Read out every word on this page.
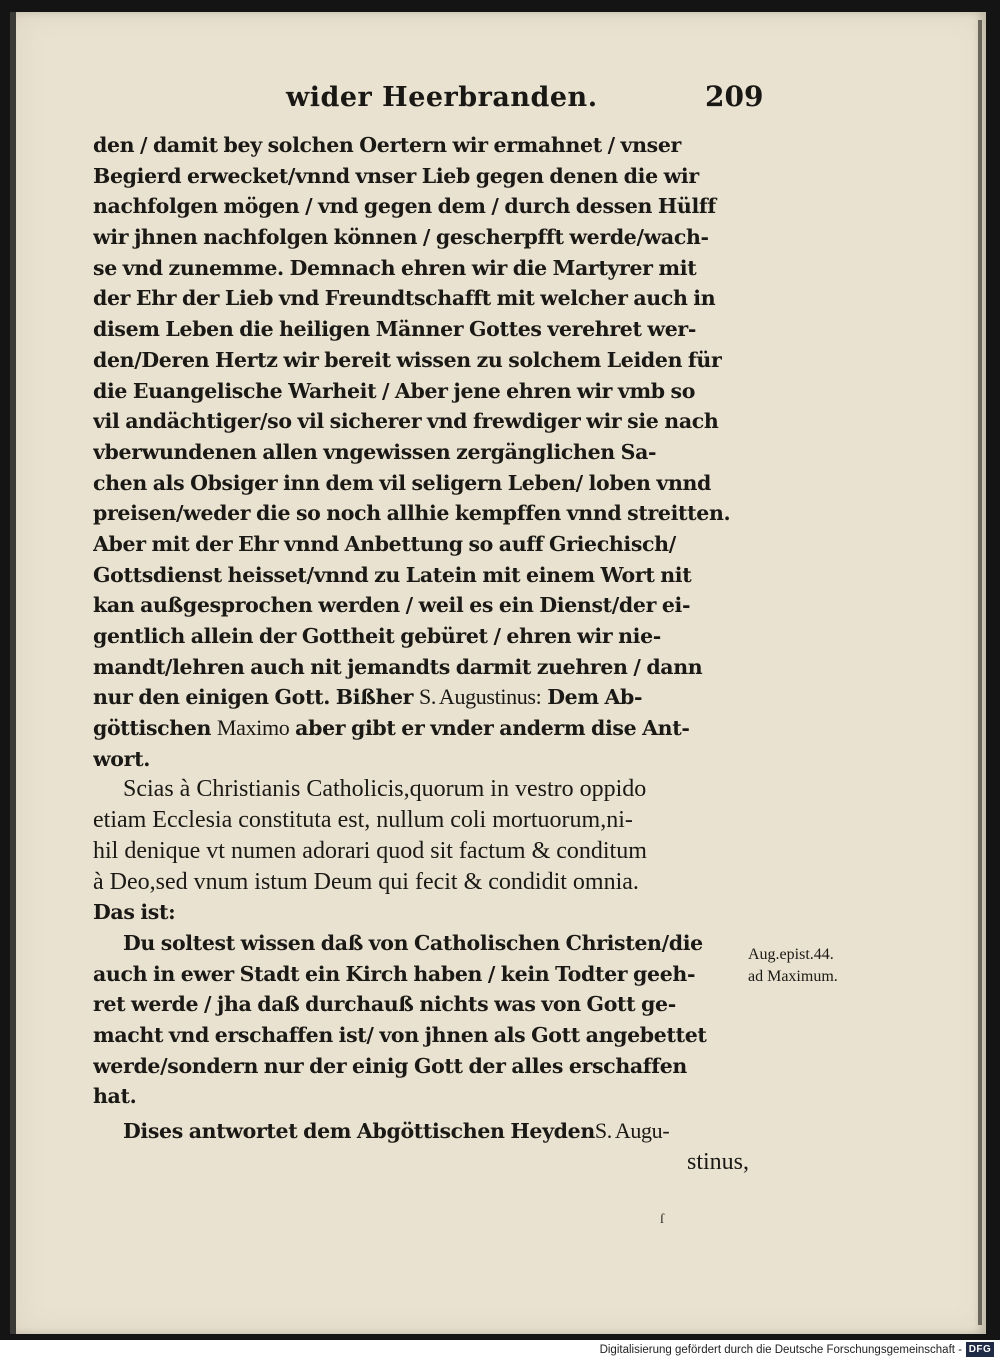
wider Heerbranden.	209
den / damit bey solchen Oertern wir ermahnet / vnser
Begierd erwecket/vnnd vnser Lieb gegen denen die wir
nachfolgen mögen / vnd gegen dem / durch dessen Hülff
wir jhnen nachfolgen können / gescherpfft werde/wach-
se vnd zunemme. Demnach ehren wir die Martyrer mit
der Ehr der Lieb vnd Freundtschafft mit welcher auch in
disem Leben die heiligen Männer Gottes verehret wer-
den/Deren Hertz wir bereit wissen zu solchem Leiden für
die Euangelische Warheit / Aber jene ehren wir vmb so
vil andächtiger/so vil sicherer vnd frewdiger wir sie nach
vberwundenen allen vngewissen zergänglichen Sa-
chen als Obsiger inn dem vil seligern Leben/ loben vnnd
preisen/weder die so noch allhie kempffen vnnd streitten.
Aber mit der Ehr vnnd Anbettung so auff Griechisch/
Gottsdienst heisset/vnnd zu Latein mit einem Wort nit
kan außgesprochen werden / weil es ein Dienst/der ei-
gentlich allein der Gottheit gebüret / ehren wir nie-
mandt/lehren auch nit jemandts darmit zuehren / dann
nur den einigen Gott. Bißher S. Augustinus: Dem Ab-
göttischen Maximo aber gibt er vnder anderm dise Ant-
wort.
Scias à Christianis Catholicis,quorum in vestro oppido
etiam Ecclesia constituta est, nullum coli mortuorum,ni-
hil denique vt numen adorari quod sit factum & conditum
à Deo,sed vnum istum Deum qui fecit & condidit omnia.
Das ist:
Du soltest wissen daß von Catholischen Christen/die
auch in ewer Stadt ein Kirch haben / kein Todter geeh-
ret werde / jha daß durchauß nichts was von Gott ge-
macht vnd erschaffen ist/ von jhnen als Gott angebettet
werde/sondern nur der einig Gott der alles erschaffen
hat.
Dises antwortet dem Abgöttischen HeydenS. Augu-
stinus,
Aug.epist.44.
ad Maximum.
ſ
Digitalisierung gefördert durch die Deutsche Forschungsgemeinschaft - DFG
